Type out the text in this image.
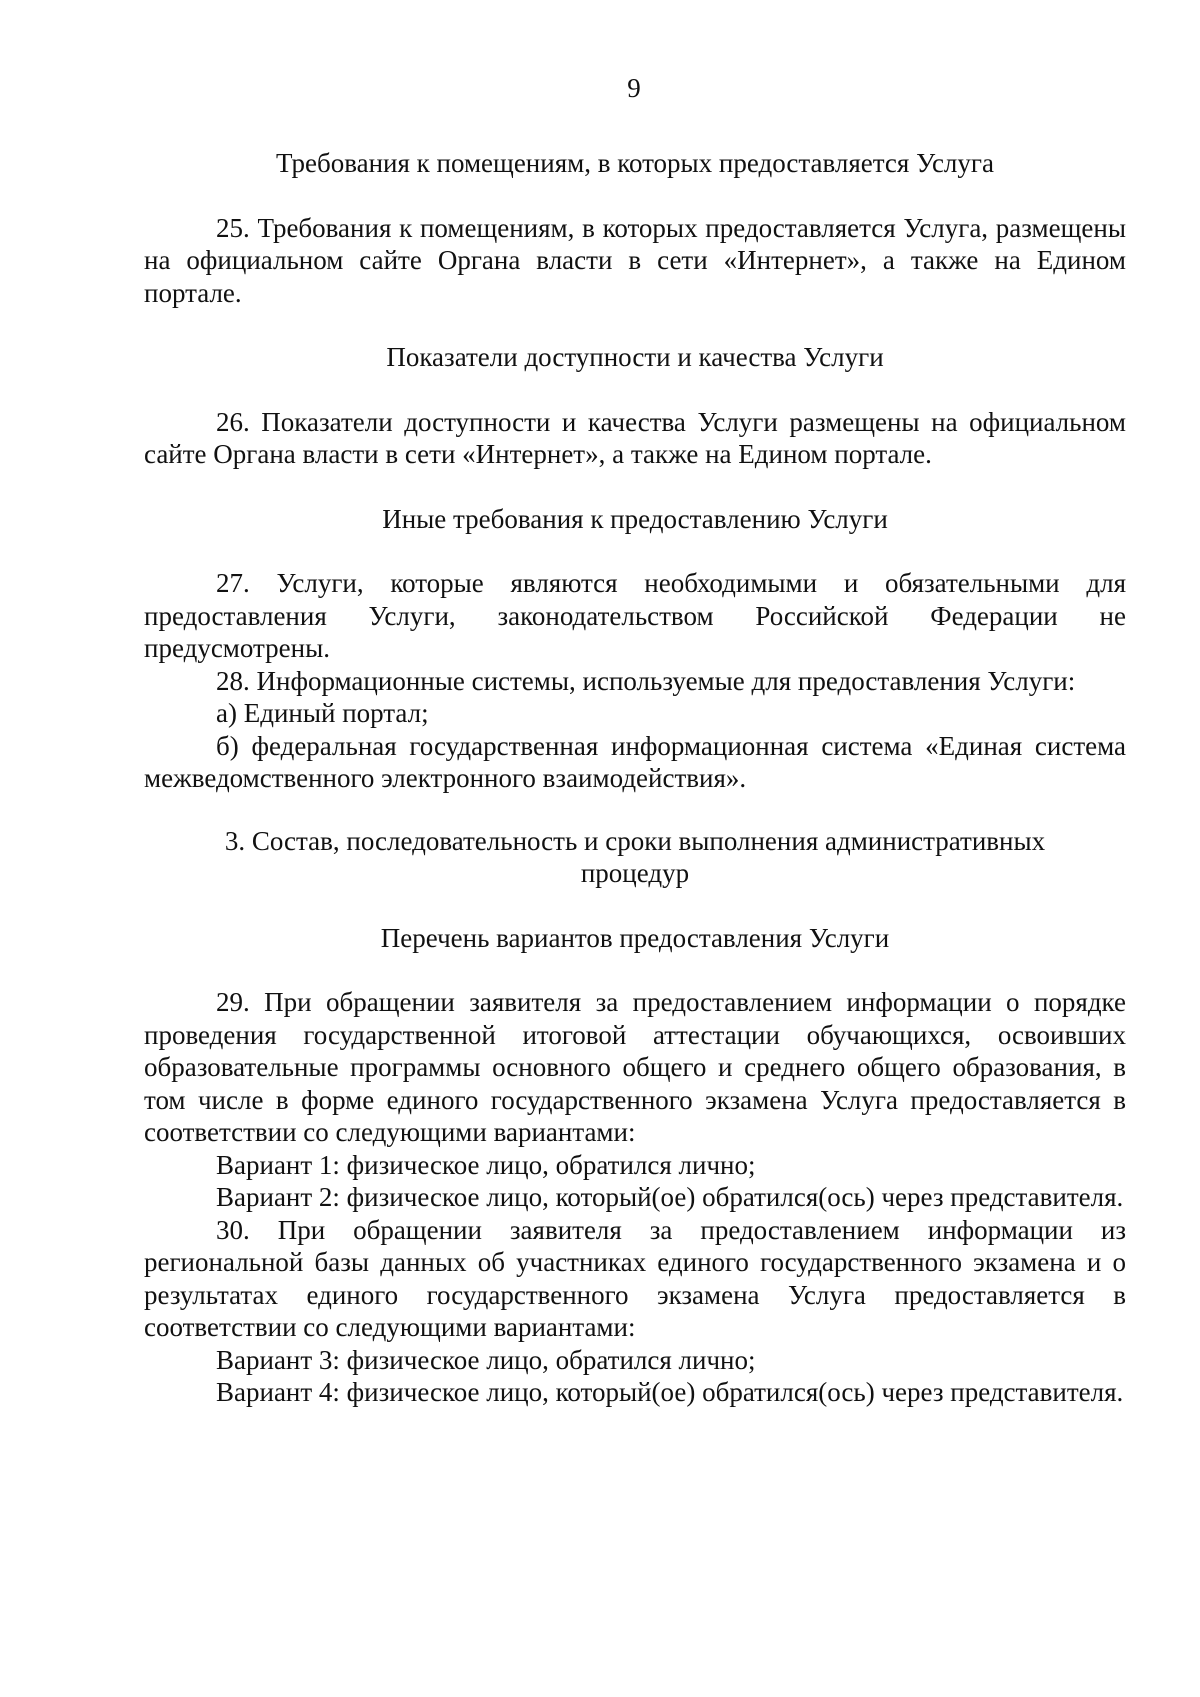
9

Требования к помещениям, в которых предоставляется Услуга

25. Требования к помещениям, в которых предоставляется Услуга, размещены на официальном сайте Органа власти в сети «Интернет», а также на Едином портале.

Показатели доступности и качества Услуги

26. Показатели доступности и качества Услуги размещены на официальном сайте Органа власти в сети «Интернет», а также на Едином портале.

Иные требования к предоставлению Услуги

27. Услуги, которые являются необходимыми и обязательными для предоставления Услуги, законодательством Российской Федерации не предусмотрены.

28. Информационные системы, используемые для предоставления Услуги:

а) Единый портал;

б) федеральная государственная информационная система «Единая система межведомственного электронного взаимодействия».

3. Состав, последовательность и сроки выполнения административных

процедур

Перечень вариантов предоставления Услуги

29. При обращении заявителя за предоставлением информации о порядке проведения государственной итоговой аттестации обучающихся, освоивших образовательные программы основного общего и среднего общего образования, в том числе в форме единого государственного экзамена Услуга предоставляется в соответствии со следующими вариантами:

Вариант 1: физическое лицо, обратился лично;

Вариант 2: физическое лицо, который(ое) обратился(ось) через представителя.

30. При обращении заявителя за предоставлением информации из региональной базы данных об участниках единого государственного экзамена и о результатах единого государственного экзамена Услуга предоставляется в соответствии со следующими вариантами:

Вариант 3: физическое лицо, обратился лично;

Вариант 4: физическое лицо, который(ое) обратился(ось) через представителя.
